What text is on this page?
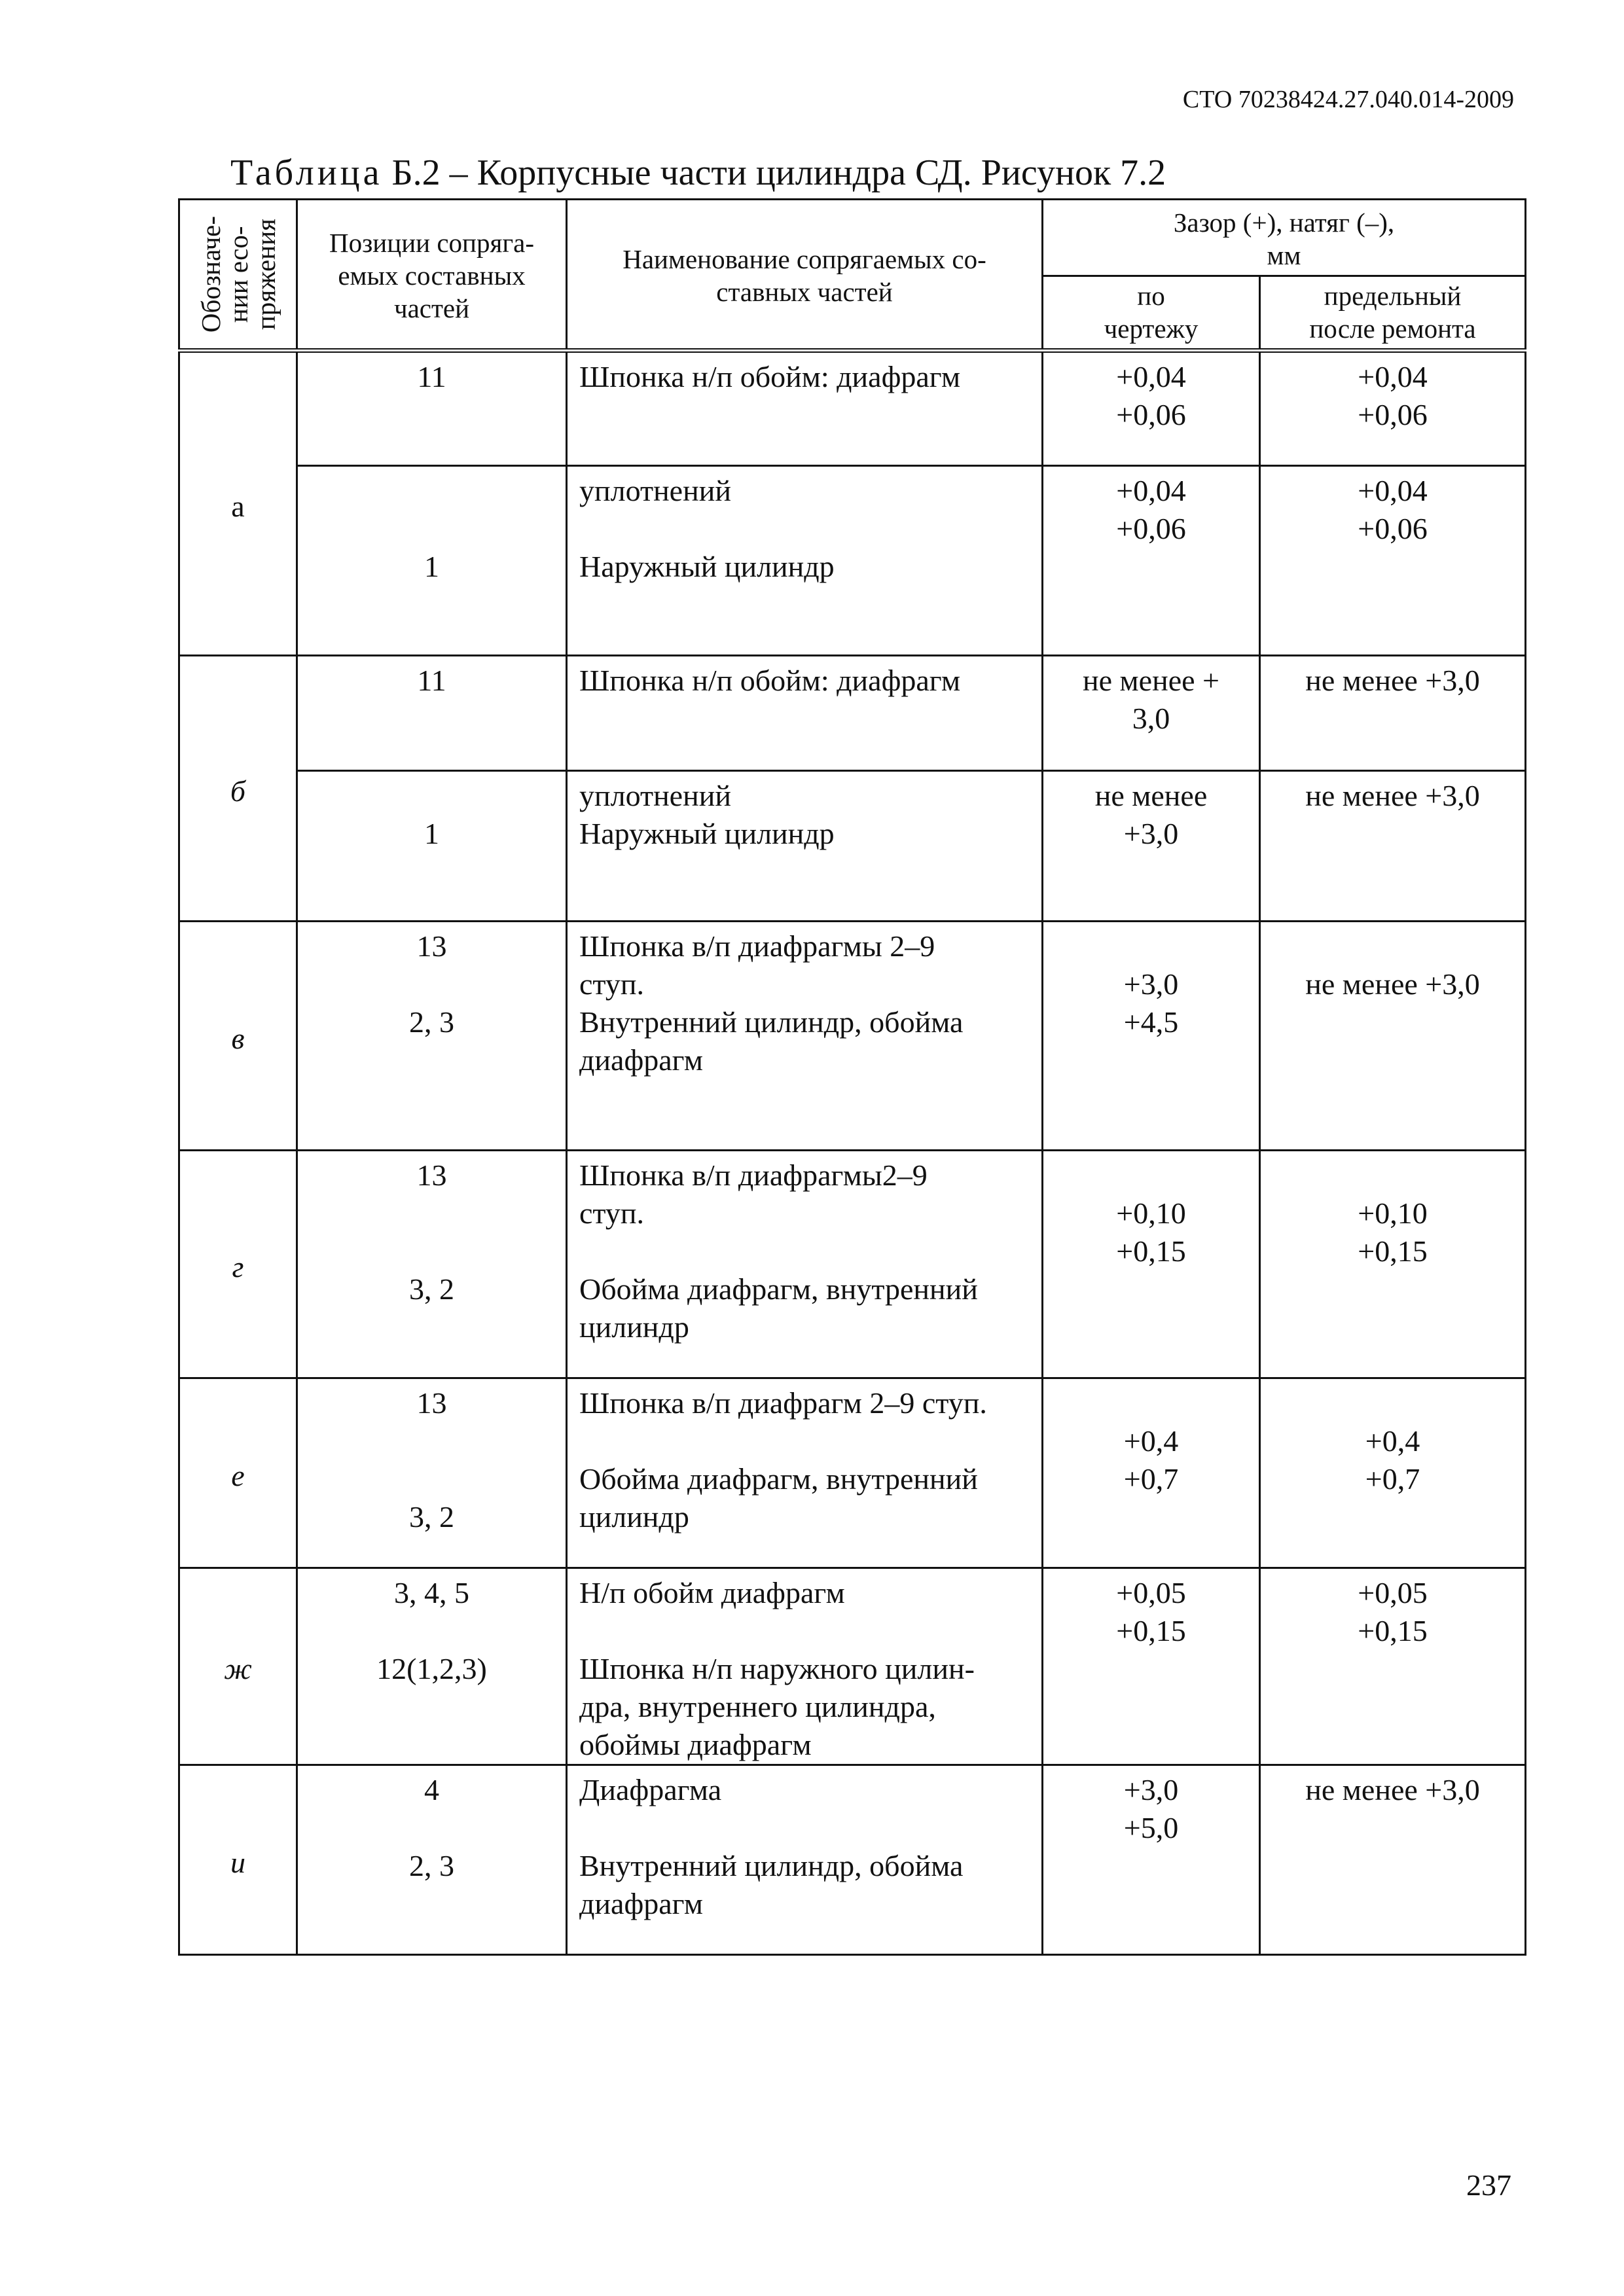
СТО 70238424.27.040.014-2009
Таблица Б.2 – Корпусные части цилиндра СД. Рисунок 7.2
Обозначе-
нии есо-
пряжения	Позиции сопряга-
емых составных
частей	Наименование сопрягаемых со-
ставных частей	Зазор (+), натяг (–),
мм	

			по
чертежу	предельный
после ремонта

а	11	Шпонка н/п обойм: диафрагм	+0,04
+0,06	+0,04
+0,06

	1	уплотнений
Наружный цилиндр	+0,04
+0,06	+0,04
+0,06

б	11	Шпонка н/п обойм: диафрагм	не менее +
3,0	не менее +3,0

	1	уплотнений
Наружный цилиндр	не менее
+3,0	не менее +3,0

в	13
2, 3	Шпонка в/п диафрагмы 2–9
ступ.
Внутренний цилиндр, обойма
диафрагм	+3,0
+4,5	не менее +3,0

г	13
3, 2	Шпонка в/п диафрагмы2–9
ступ.
Обойма диафрагм, внутренний
цилиндр	+0,10
+0,15	+0,10
+0,15

е	13
3, 2	Шпонка в/п диафрагм 2–9 ступ.
Обойма диафрагм, внутренний
цилиндр	+0,4
+0,7	+0,4
+0,7

ж	3, 4, 5
12(1,2,3)	Н/п обойм диафрагм
Шпонка н/п наружного цилин-
дра, внутреннего цилиндра,
обоймы диафрагм	+0,05
+0,15	+0,05
+0,15

и	4
2, 3	Диафрагма
Внутренний цилиндр, обойма
диафрагм	+3,0
+5,0	не менее +3,0
237
